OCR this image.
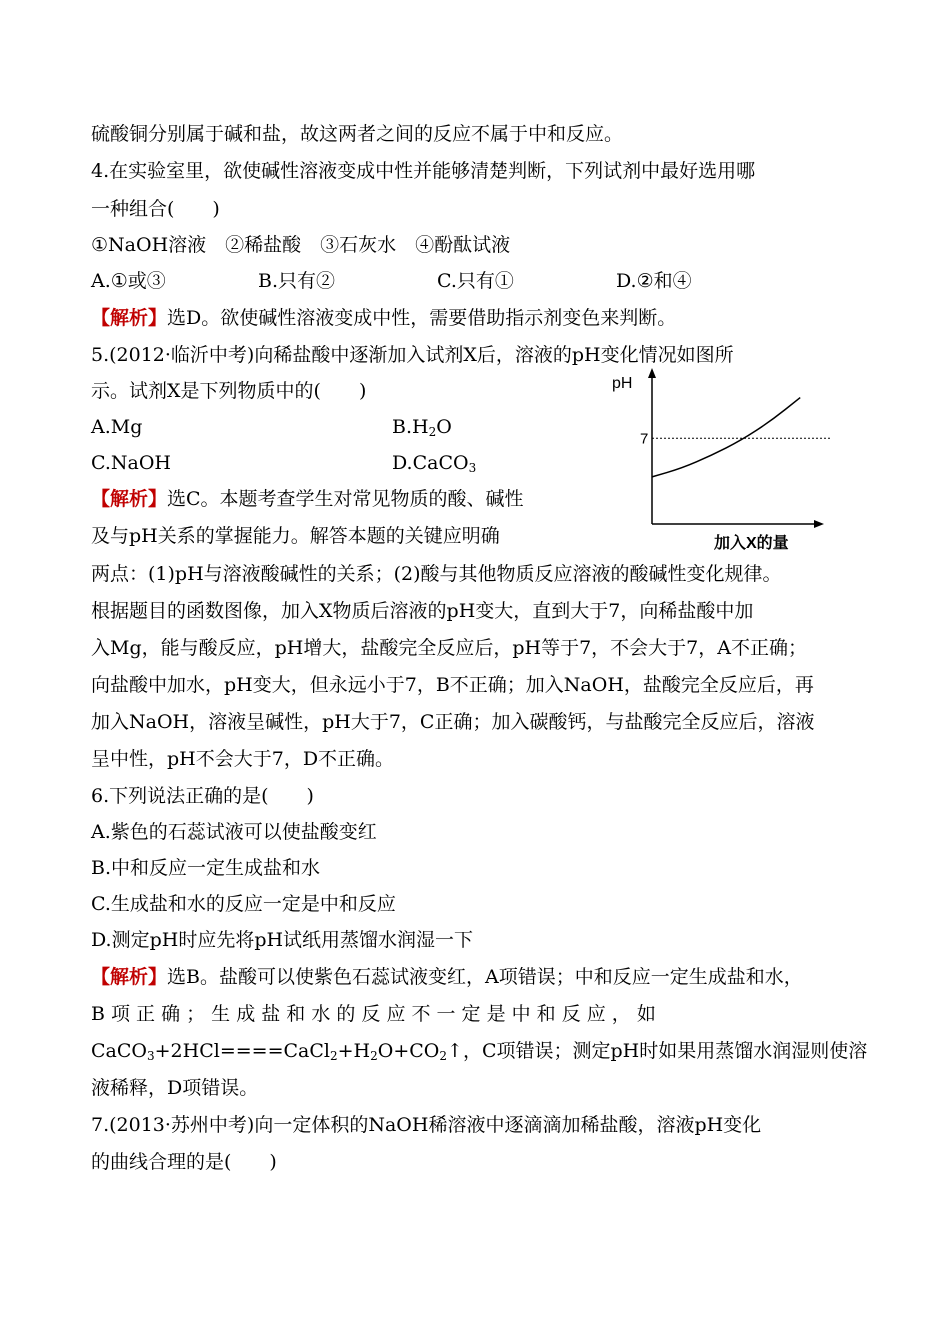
硫酸铜分别属于碱和盐，故这两者之间的反应不属于中和反应。
4.在实验室里，欲使碱性溶液变成中性并能够清楚判断，下列试剂中最好选用哪
一种组合(　　)
①NaOH溶液　②稀盐酸　③石灰水　④酚酞试液
A.①或③	B.只有②	C.只有①	D.②和④
【解析】选D。欲使碱性溶液变成中性，需要借助指示剂变色来判断。
5.(2012·临沂中考)向稀盐酸中逐渐加入试剂X后，溶液的pH变化情况如图所
示。试剂X是下列物质中的(　　)
A.Mg	$B.H_2O$
C.NaOH	D.CaCO$_3$
【解析】选C。本题考查学生对常见物质的酸、碱性
及与pH关系的掌握能力。解答本题的关键应明确
两点：(1)pH与溶液酸碱性的关系；(2)酸与其他物质反应溶液的酸碱性变化规律。
根据题目的函数图像，加入X物质后溶液的pH变大，直到大于7，向稀盐酸中加
入Mg，能与酸反应，pH增大，盐酸完全反应后，pH等于7，不会大于7，A不正确；
向盐酸中加水，pH变大，但永远小于7，B不正确；加入NaOH，盐酸完全反应后，再
加入NaOH，溶液呈碱性，pH大于7，C正确；加入碳酸钙，与盐酸完全反应后，溶液
呈中性，pH不会大于7，D不正确。
pH
加入X的量
7
6.下列说法正确的是(　　)
A.紫色的石蕊试液可以使盐酸变红
B.中和反应一定生成盐和水
C.生成盐和水的反应一定是中和反应
D.测定pH时应先将pH试纸用蒸馏水润湿一下
【解析】选B。盐酸可以使紫色石蕊试液变红，A项错误；中和反应一定生成盐和水，
B 项 正 确 ； 生 成 盐 和 水 的 反 应 不 一 定 是 中 和 反 应 ， 如
$CaCO_3+2HCl====CaCl_2+H_2O+CO_2↑$，C项错误；测定pH时如果用蒸馏水润湿则使溶
液稀释，D项错误。
7.(2013·苏州中考)向一定体积的NaOH稀溶液中逐滴滴加稀盐酸，溶液pH变化
的曲线合理的是(　　)
